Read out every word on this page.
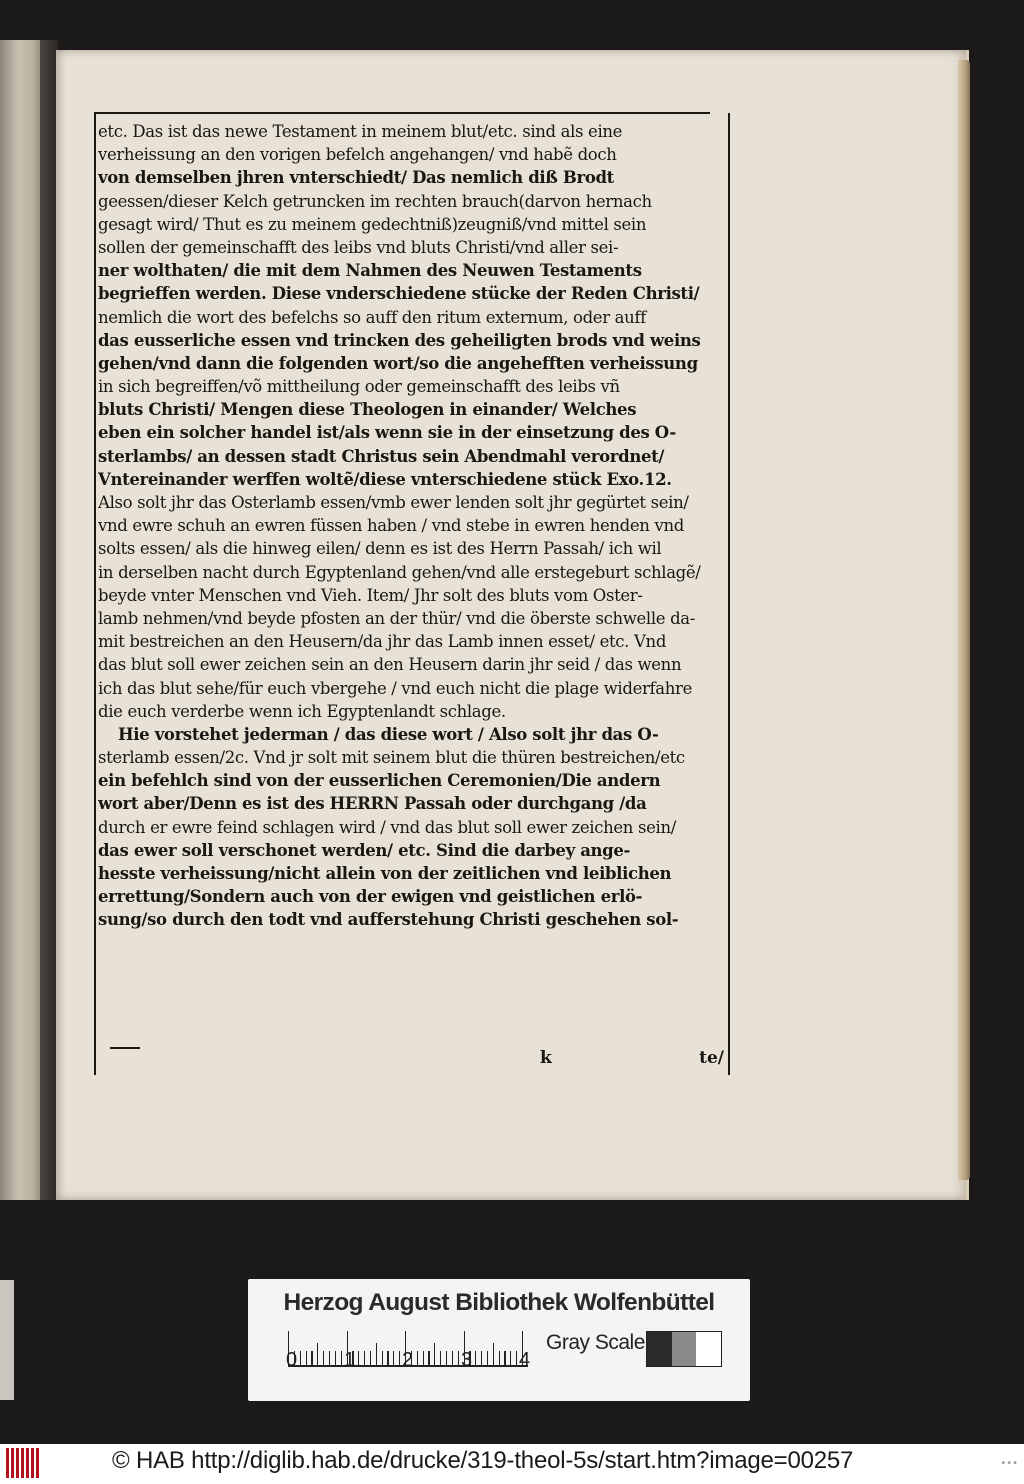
etc. Das ist das newe Testament in meinem blut/etc. sind als eine
verheissung an den vorigen befelch angehangen/ vnd habẽ doch
von demselben jhren vnterschiedt/ Das nemlich diß Brodt
geessen/dieser Kelch getruncken im rechten brauch(darvon hernach
gesagt wird/ Thut es zu meinem gedechtniß)zeugniß/vnd mittel sein
sollen der gemeinschafft des leibs vnd bluts Christi/vnd aller sei-
ner wolthaten/ die mit dem Nahmen des Neuwen Testaments
begrieffen werden. Diese vnderschiedene stücke der Reden Christi/
nemlich die wort des befelchs so auff den ritum externum, oder auff
das eusserliche essen vnd trincken des geheiligten brods vnd weins
gehen/vnd dann die folgenden wort/so die angehefften verheissung
in sich begreiffen/võ mittheilung oder gemeinschafft des leibs vñ
bluts Christi/ Mengen diese Theologen in einander/ Welches
eben ein solcher handel ist/als wenn sie in der einsetzung des O-
sterlambs/ an dessen stadt Christus sein Abendmahl verordnet/
Vntereinander werffen woltẽ/diese vnterschiedene stück Exo.12.
Also solt jhr das Osterlamb essen/vmb ewer lenden solt jhr gegürtet sein/
vnd ewre schuh an ewren füssen haben / vnd stebe in ewren henden vnd
solts essen/ als die hinweg eilen/ denn es ist des Herrn Passah/ ich wil
in derselben nacht durch Egyptenland gehen/vnd alle erstegeburt schlagẽ/
beyde vnter Menschen vnd Vieh. Item/ Jhr solt des bluts vom Oster-
lamb nehmen/vnd beyde pfosten an der thür/ vnd die öberste schwelle da-
mit bestreichen an den Heusern/da jhr das Lamb innen esset/ etc. Vnd
das blut soll ewer zeichen sein an den Heusern darin jhr seid / das wenn
ich das blut sehe/für euch vbergehe / vnd euch nicht die plage widerfahre
die euch verderbe wenn ich Egyptenlandt schlage.
Hie vorstehet jederman / das diese wort / Also solt jhr das O-
sterlamb essen/2c. Vnd jr solt mit seinem blut die thüren bestreichen/etc
ein befehlch sind von der eusserlichen Ceremonien/Die andern
wort aber/Denn es ist des HERRN Passah oder durchgang /da
durch er ewre feind schlagen wird / vnd das blut soll ewer zeichen sein/
das ewer soll verschonet werden/ etc. Sind die darbey ange-
hesste verheissung/nicht allein von der zeitlichen vnd leiblichen
errettung/Sondern auch von der ewigen vnd geistlichen erlö-
sung/so durch den todt vnd aufferstehung Christi geschehen sol-
k	te/
Herzog August Bibliothek Wolfenbüttel
0 1 2 3 4
Gray Scale
© HAB http://diglib.hab.de/drucke/319-theol-5s/start.htm?image=00257	•••
